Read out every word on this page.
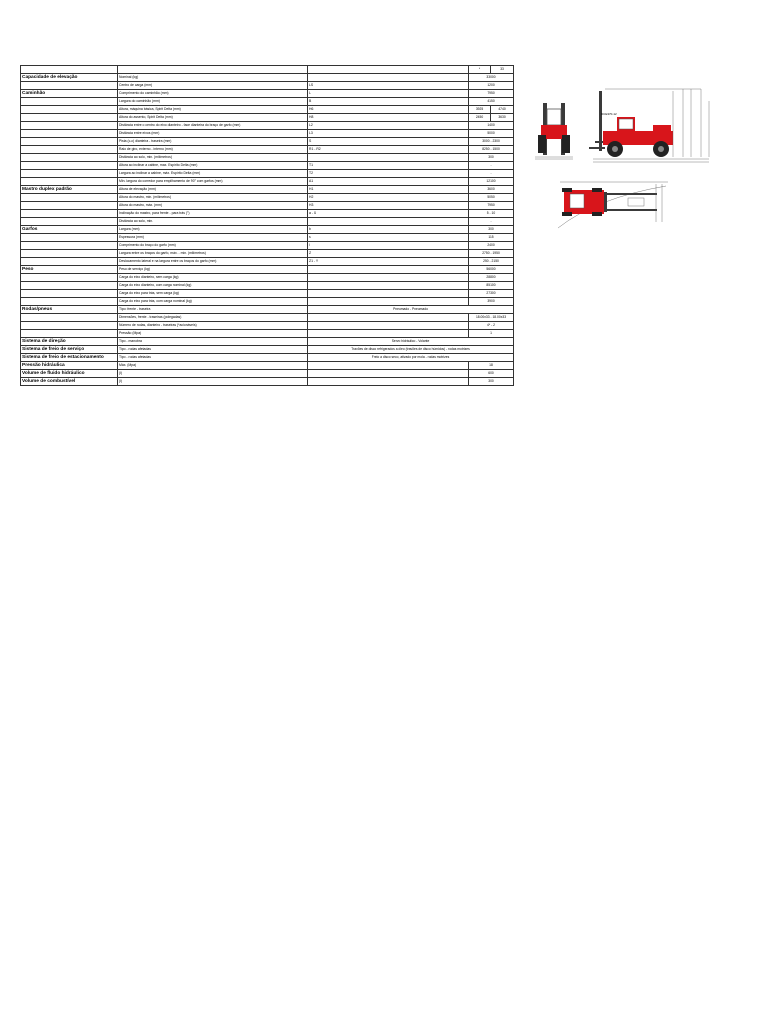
			*	33
Capacidade de elevação	Nominal (kg)		33000	
	Centro de carga (mm)	LS	1200	
Caminhão	Comprimento do caminhão (mm)	L	7950	
	Largura do caminhão (mm)	B	4150	
	Altura, máquina básica, Spirit Delta (mm)	H6	3925	4740
	Altura do assento, Spirit Delta (mm)	H8	2450	3630
	Distância entre o centro do eixo dianteiro - face dianteira do braço de garfo (mm)	L2	1400	
	Distância entre eixos (mm)	L3	5000	
	Pista (c-c) dianteira - traseira (mm)	S	3000 - 2300	
	Raio de giro, externo - interno (mm)	R1 - R2	8250 - 1500	
	Distância ao solo, min. (milímetros)		300	
	Altura ao inclinar a cabine, max. Espírito Delta (mm)	T1	-	
	Largura ao inclinar a cabine, máx. Espírito Delta (mm)	T2	-	
	Min. largura do corredor para empilhamento de 90° com garfos (mm)	A1	12100	
Mastro duplex padrão	Altura de elevação (mm)	H1	3600	
	Altura do mastro, min. (milímetros)	H2	5050	
	Altura do mastro, máx. (mm)	H3	7950	
	Inclinação do mastro, para frente - para trás (°)	a - ß	5 - 10	
	Distância ao solo, min.		-	
Garfos	Largura (mm)	b	300	
	Espessura (mm)	s	115	
	Comprimento do braço do garfo (mm)	l	2400	
	Largura entre os braços do garfo, máx. - min. (milímetros)	Z	2750 - 1950	
	Deslocamento lateral e na largura entre os braços do garfo (mm)	Z1 - Y	250 - 2150	
Peso	Peso de serviço (kg)		56000	
	Carga do eixo dianteiro, sem carga (kg)		28800	
	Carga do eixo dianteiro, com carga nominal (kg)		85100	
	Carga do eixo para trás, sem carga (kg)		27300	
	Carga do eixo para trás, com carga nominal (kg)		3900	
Rodas/pneus	Tipo: frente - traseira	Pneumado - Pneumado		
	Dimensões, frente - traseiras (polegadas)		18.00x33 - 18.00x33	
	Número de rodas, dianteiro - traseiras (*acionáveis)		4* - 2	
	Pressão (Mpa)		1	
Sistema de direção	Tipo - manobra	Servo hidráulico - Volante		
Sistema de freio de serviço	Tipo - rodas afetadas	Travões de disco refrigerados a óleo (travões de disco húmidos) - rodas motrizes		
Sistema de freio de estacionamento	Tipo - rodas afetadas	Freio a disco seco, ativado por mola - rodas motrizes		
Pressão hidráulica	Máx. (Mpa)		18	
Volume de fluido hidráulico	(l)		600	
Volume de combustível	(l)		300	
DCE370-12
